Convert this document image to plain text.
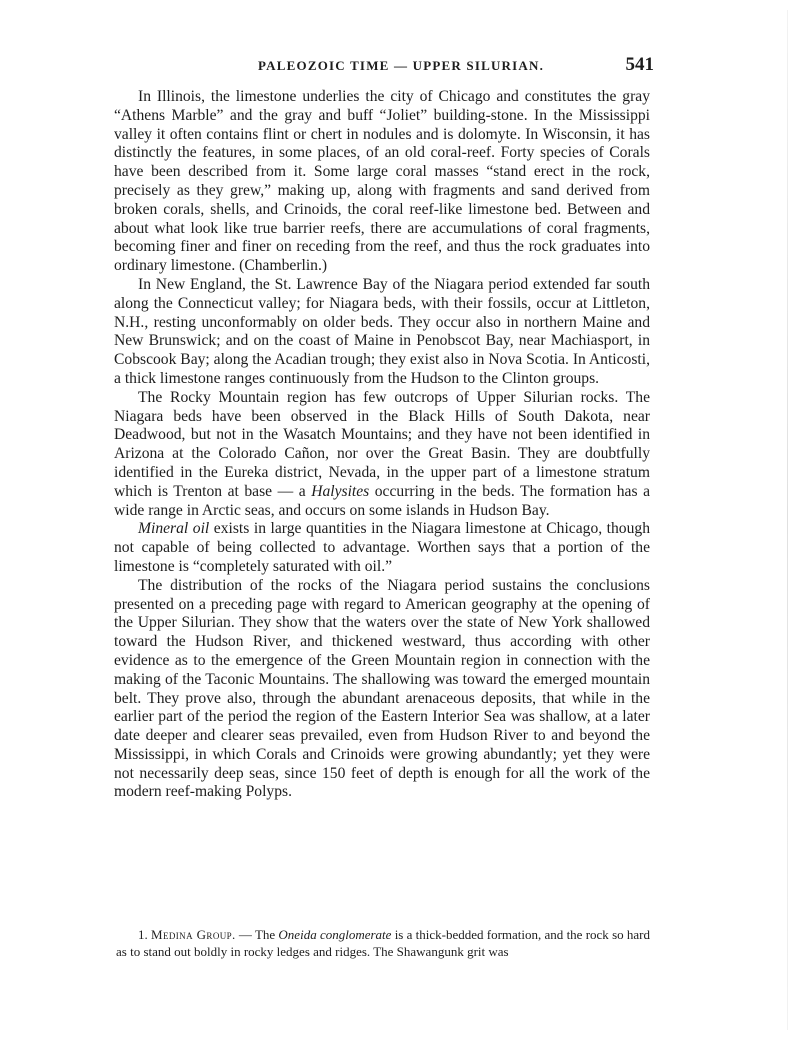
PALEOZOIC TIME — UPPER SILURIAN.	541

In Illinois, the limestone underlies the city of Chicago and constitutes the gray “Athens Marble” and the gray and buff “Joliet” building-stone. In the Mississippi valley it often contains flint or chert in nodules and is dolomyte. In Wisconsin, it has distinctly the features, in some places, of an old coral-reef. Forty species of Corals have been described from it. Some large coral masses “stand erect in the rock, precisely as they grew,” making up, along with fragments and sand derived from broken corals, shells, and Crinoids, the coral reef-like limestone bed. Between and about what look like true barrier reefs, there are accumulations of coral fragments, becoming finer and finer on receding from the reef, and thus the rock graduates into ordinary limestone. (Chamberlin.)

In New England, the St. Lawrence Bay of the Niagara period extended far south along the Connecticut valley; for Niagara beds, with their fossils, occur at Littleton, N.H., resting unconformably on older beds. They occur also in northern Maine and New Brunswick; and on the coast of Maine in Penobscot Bay, near Machiasport, in Cobscook Bay; along the Acadian trough; they exist also in Nova Scotia. In Anticosti, a thick limestone ranges continuously from the Hudson to the Clinton groups.

The Rocky Mountain region has few outcrops of Upper Silurian rocks. The Niagara beds have been observed in the Black Hills of South Dakota, near Deadwood, but not in the Wasatch Mountains; and they have not been identified in Arizona at the Colorado Cañon, nor over the Great Basin. They are doubtfully identified in the Eureka district, Nevada, in the upper part of a limestone stratum which is Trenton at base — a Halysites occurring in the beds. The formation has a wide range in Arctic seas, and occurs on some islands in Hudson Bay.

Mineral oil exists in large quantities in the Niagara limestone at Chicago, though not capable of being collected to advantage. Worthen says that a portion of the limestone is “completely saturated with oil.”

The distribution of the rocks of the Niagara period sustains the conclusions presented on a preceding page with regard to American geography at the opening of the Upper Silurian. They show that the waters over the state of New York shallowed toward the Hudson River, and thickened westward, thus according with other evidence as to the emergence of the Green Mountain region in connection with the making of the Taconic Mountains. The shallowing was toward the emerged mountain belt. They prove also, through the abundant arenaceous deposits, that while in the earlier part of the period the region of the Eastern Interior Sea was shallow, at a later date deeper and clearer seas prevailed, even from Hudson River to and beyond the Mississippi, in which Corals and Crinoids were growing abundantly; yet they were not necessarily deep seas, since 150 feet of depth is enough for all the work of the modern reef-making Polyps.

1. Medina Group. — The Oneida conglomerate is a thick-bedded formation, and the rock so hard as to stand out boldly in rocky ledges and ridges. The Shawangunk grit was
